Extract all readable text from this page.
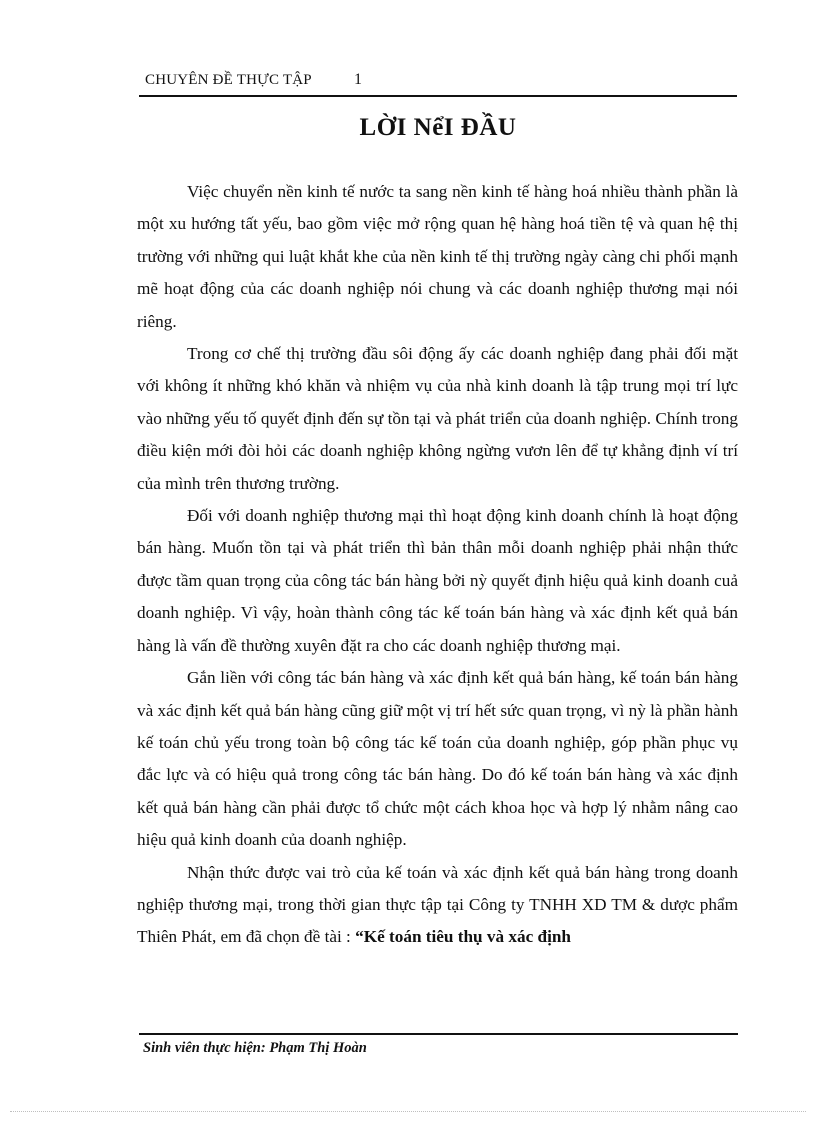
CHUYÊN ĐỀ THỰC TẬP	1
LỜI NểI ĐẦU

Việc chuyển nền kinh tế nước ta sang nền kinh tế hàng hoá nhiều thành phần là một xu hướng tất yếu, bao gồm việc mở rộng quan hệ hàng hoá tiền tệ và quan hệ thị trường với những qui luật khắt khe của nền kinh tế thị trường ngày càng chi phối mạnh mẽ hoạt động của các doanh nghiệp nói chung và các doanh nghiệp thương mại nói riêng.

Trong cơ chế thị trường đầu sôi động ấy các doanh nghiệp đang phải đối mặt với không ít những khó khăn và nhiệm vụ của nhà kinh doanh là tập trung mọi trí lực vào những yếu tố quyết định đến sự tồn tại và phát triển của doanh nghiệp. Chính trong điều kiện mới đòi hỏi các doanh nghiệp không ngừng vươn lên để tự khẳng định ví trí của mình trên thương trường.

Đối với doanh nghiệp thương mại thì hoạt động kinh doanh chính là hoạt động bán hàng. Muốn tồn tại và phát triển thì bản thân mỗi doanh nghiệp phải nhận thức được tầm quan trọng của công tác bán hàng bởi nỳ quyết định hiệu quả kinh doanh cuả doanh nghiệp. Vì vậy, hoàn thành công tác kế toán bán hàng và xác định kết quả bán hàng là vấn đề thường xuyên đặt ra cho các doanh nghiệp thương mại.

Gắn liền với công tác bán hàng và xác định kết quả bán hàng, kế toán bán hàng và xác định kết quả bán hàng cũng giữ một vị trí hết sức quan trọng, vì nỳ là phần hành kế toán chủ yếu trong toàn bộ công tác kế toán của doanh nghiệp, góp phần phục vụ đắc lực và có hiệu quả trong công tác bán hàng. Do đó kế toán bán hàng và xác định kết quả bán hàng cần phải được tổ chức một cách khoa học và hợp lý nhằm nâng cao hiệu quả kinh doanh của doanh nghiệp.

Nhận thức được vai trò của kế toán và xác định kết quả bán hàng trong doanh nghiệp thương mại, trong thời gian thực tập tại Công ty TNHH XD TM & dược phẩm Thiên Phát, em đã chọn đề tài : “Kế toán tiêu thụ và xác định

Sinh viên thực hiện: Phạm Thị Hoàn
